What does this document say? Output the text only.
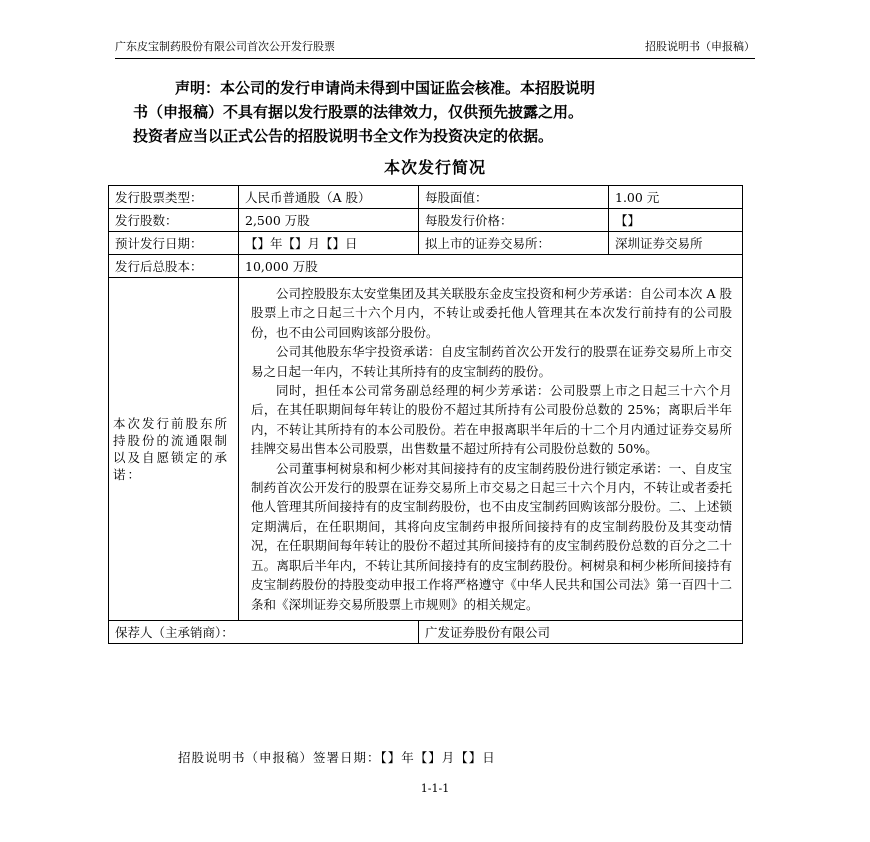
广东皮宝制药股份有限公司首次公开发行股票	招股说明书（申报稿）
声明：本公司的发行申请尚未得到中国证监会核准。本招股说明
书（申报稿）不具有据以发行股票的法律效力，仅供预先披露之用。
投资者应当以正式公告的招股说明书全文作为投资决定的依据。
本次发行简况
发行股票类型：	人民币普通股（A 股）	每股面值：	1.00 元
发行股数：	2,500 万股	每股发行价格：	【】
预计发行日期：	【】年【】月【】日	拟上市的证券交易所：	深圳证券交易所
发行后总股本：	10,000 万股		
本次发行前股东所持股份的流通限制以及自愿锁定的承诺：	公司控股股东太安堂集团及其关联股东金皮宝投资和柯少芳承诺：自公司本次 A 股股票上市之日起三十六个月内，不转让或委托他人管理其在本次发行前持有的公司股份，也不由公司回购该部分股份。

公司其他股东华宇投资承诺：自皮宝制药首次公开发行的股票在证券交易所上市交易之日起一年内，不转让其所持有的皮宝制药的股份。

同时，担任本公司常务副总经理的柯少芳承诺：公司股票上市之日起三十六个月后，在其任职期间每年转让的股份不超过其所持有公司股份总数的 25%；离职后半年内，不转让其所持有的本公司股份。若在申报离职半年后的十二个月内通过证券交易所挂牌交易出售本公司股票，出售数量不超过所持有公司股份总数的 50%。

公司董事柯树泉和柯少彬对其间接持有的皮宝制药股份进行锁定承诺：一、自皮宝制药首次公开发行的股票在证券交易所上市交易之日起三十六个月内，不转让或者委托他人管理其所间接持有的皮宝制药股份，也不由皮宝制药回购该部分股份。二、上述锁定期满后，在任职期间，其将向皮宝制药申报所间接持有的皮宝制药股份及其变动情况，在任职期间每年转让的股份不超过其所间接持有的皮宝制药股份总数的百分之二十五。离职后半年内，不转让其所间接持有的皮宝制药股份。柯树泉和柯少彬所间接持有皮宝制药股份的持股变动申报工作将严格遵守《中华人民共和国公司法》第一百四十二条和《深圳证券交易所股票上市规则》的相关规定。		

保荐人（主承销商）：		广发证券股份有限公司	
招股说明书（申报稿）签署日期：【】年【】月【】日
1-1-1
